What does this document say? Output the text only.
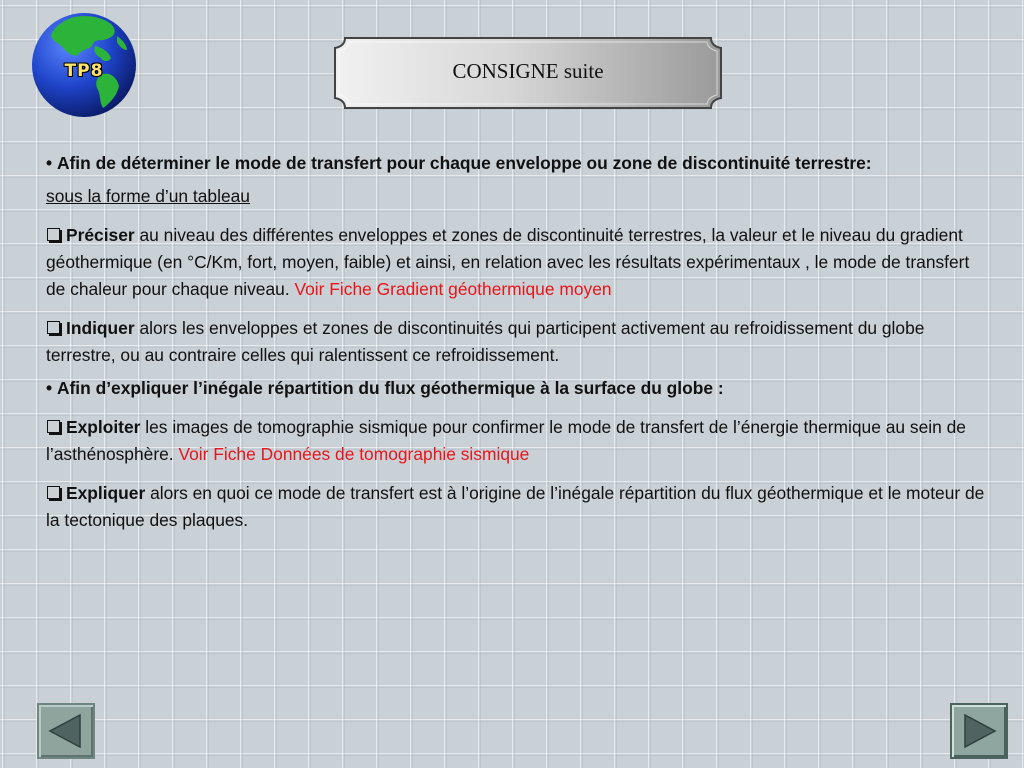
TP8	CONSIGNE suite

• Afin de déterminer le mode de transfert pour chaque enveloppe ou zone de discontinuité terrestre:

sous la forme d’un tableau

Préciser au niveau des différentes enveloppes et zones de discontinuité terrestres, la valeur et le niveau du gradient géothermique (en °C/Km, fort, moyen, faible) et ainsi, en relation avec les résultats expérimentaux , le mode de transfert de chaleur pour chaque niveau. Voir Fiche Gradient géothermique moyen

Indiquer alors les enveloppes et zones de discontinuités qui participent activement au refroidissement du globe terrestre, ou au contraire celles qui ralentissent ce refroidissement.

• Afin d’expliquer l’inégale répartition du flux géothermique à la surface du globe :

Exploiter les images de tomographie sismique pour confirmer le mode de transfert de l’énergie thermique au sein de l’asthénosphère. Voir Fiche Données de tomographie sismique

Expliquer alors en quoi ce mode de transfert est à l’origine de l’inégale répartition du flux géothermique et le moteur de la tectonique des plaques.
